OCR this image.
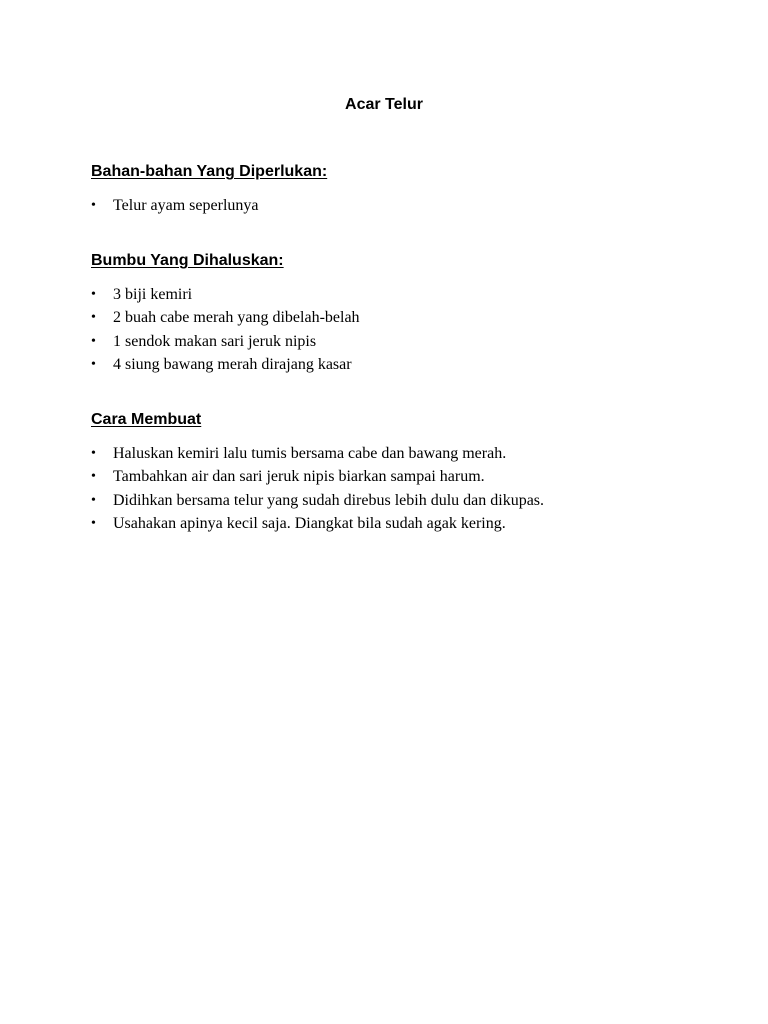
Acar Telur
Bahan-bahan Yang Diperlukan:
• Telur ayam seperlunya
Bumbu Yang Dihaluskan:
• 3 biji kemiri
• 2 buah cabe merah yang dibelah-belah
• 1 sendok makan sari jeruk nipis
• 4 siung bawang merah dirajang kasar
Cara Membuat
• Haluskan kemiri lalu tumis bersama cabe dan bawang merah.
• Tambahkan air dan sari jeruk nipis biarkan sampai harum.
• Didihkan bersama telur yang sudah direbus lebih dulu dan dikupas.
• Usahakan apinya kecil saja. Diangkat bila sudah agak kering.
